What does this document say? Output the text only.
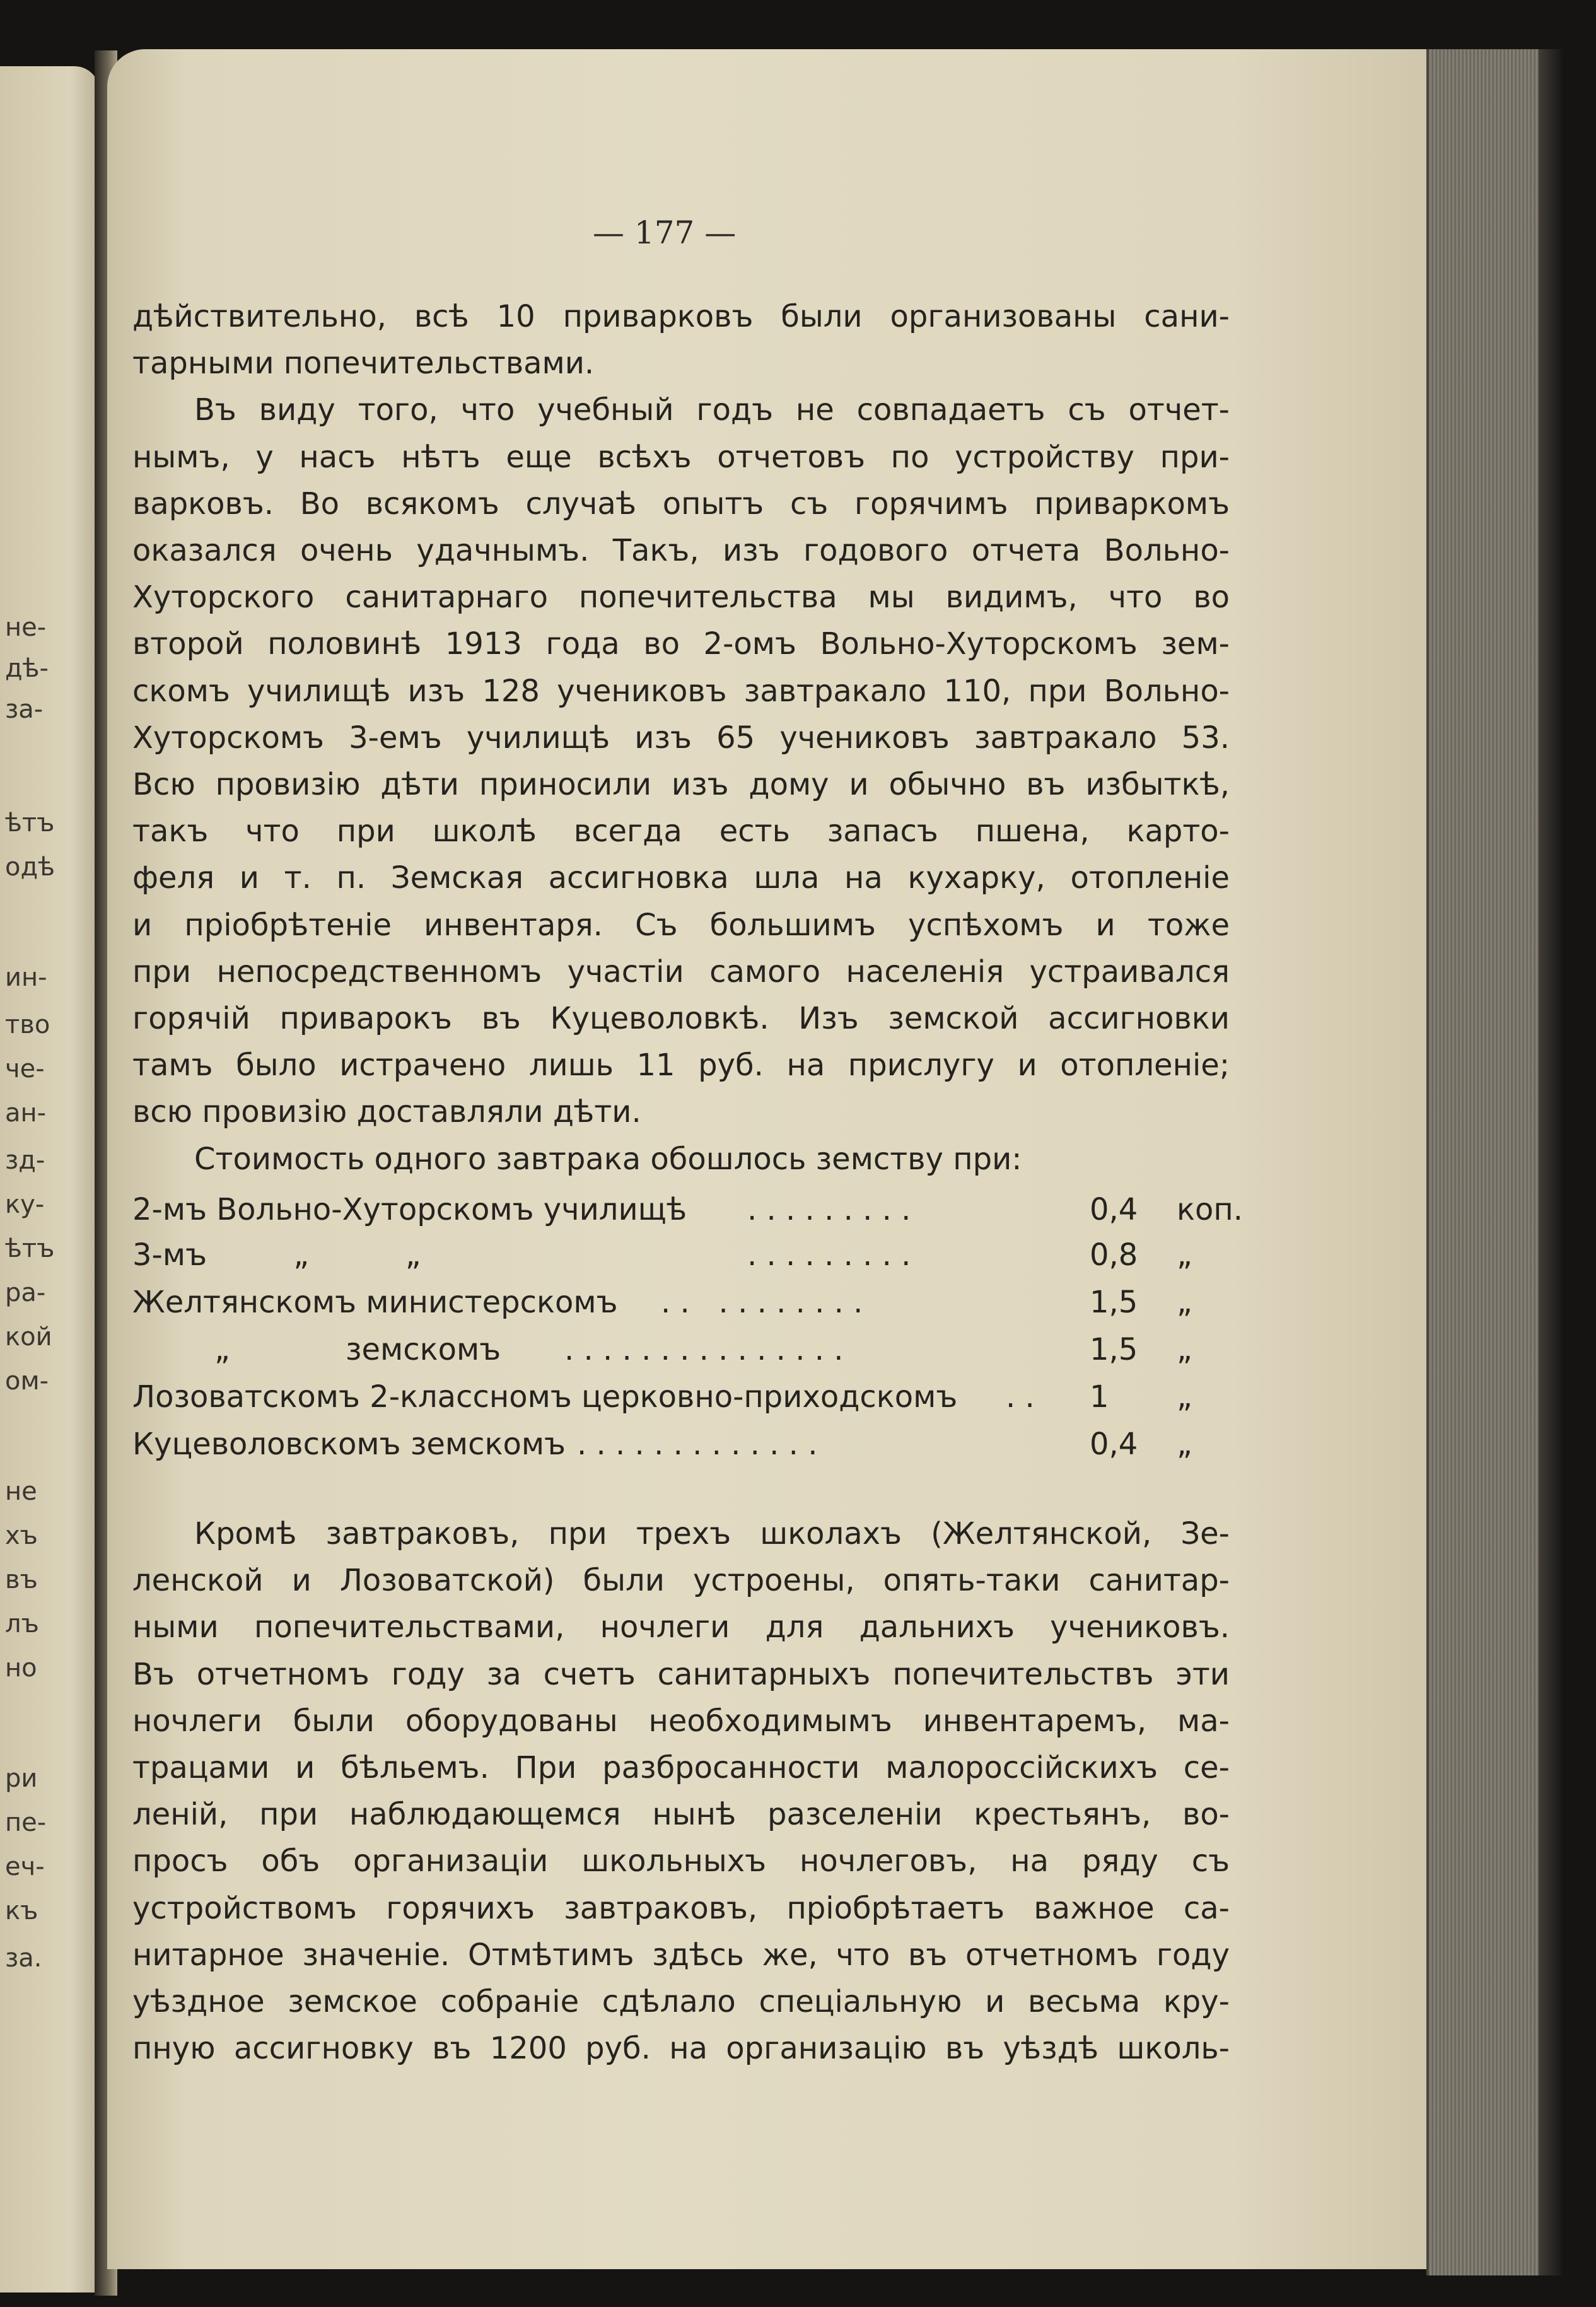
не-
дѣ-
за-
ѣтъ
одѣ
ин-
тво
че-
ан-
зд-
ку-
ѣтъ
ра-
кой
ом-
не
хъ
въ
лъ
но
ри
пе-
еч-
къ
за.
— 177 —
дѣйствительно, всѣ 10 приварковъ были организованы сани-
тарными попечительствами.
Въ виду того, что учебный годъ не совпадаетъ съ отчет-
нымъ, у насъ нѣтъ еще всѣхъ отчетовъ по устройству при-
варковъ. Во всякомъ случаѣ опытъ съ горячимъ приваркомъ
оказался очень удачнымъ. Такъ, изъ годового отчета Вольно-
Хуторского санитарнаго попечительства мы видимъ, что во
второй половинѣ 1913 года во 2-омъ Вольно-Хуторскомъ зем-
скомъ училищѣ изъ 128 учениковъ завтракало 110, при Вольно-
Хуторскомъ 3-емъ училищѣ изъ 65 учениковъ завтракало 53.
Всю провизію дѣти приносили изъ дому и обычно въ избыткѣ,
такъ что при школѣ всегда есть запасъ пшена, карто-
феля и т. п. Земская ассигновка шла на кухарку, отопленіе
и пріобрѣтеніе инвентаря. Съ большимъ успѣхомъ и тоже
при непосредственномъ участіи самого населенія устраивался
горячій приварокъ въ Куцеволовкѣ. Изъ земской ассигновки
тамъ было истрачено лишь 11 руб. на прислугу и отопленіе;
всю провизію доставляли дѣти.
Стоимость одного завтрака обошлось земству при:
2-мъ Вольно-Хуторскомъ училищѣ . . . . . . . . .	0,4	коп.
3-мъ         „          „	. . . . . . . . .	0,8	„
Желтянскомъ министерскомъ . .   . . . . . . . .	1,5	„
„            земскомъ . . . . . . . . . . . . . . .	1,5	„
Лозоватскомъ 2-классномъ церковно-приходскомъ . . 1	„
Куцеволовскомъ земскомъ . . . . . . . . . . . . .	0,4	„
Кромѣ завтраковъ, при трехъ школахъ (Желтянской, Зе-
ленской и Лозоватской) были устроены, опять-таки санитар-
ными попечительствами, ночлеги для дальнихъ учениковъ.
Въ отчетномъ году за счетъ санитарныхъ попечительствъ эти
ночлеги были оборудованы необходимымъ инвентаремъ, ма-
трацами и бѣльемъ. При разбросанности малороссійскихъ се-
леній, при наблюдающемся нынѣ разселеніи крестьянъ, во-
просъ объ организаціи школьныхъ ночлеговъ, на ряду съ
устройствомъ горячихъ завтраковъ, пріобрѣтаетъ важное са-
нитарное значеніе. Отмѣтимъ здѣсь же, что въ отчетномъ году
уѣздное земское собраніе сдѣлало спеціальную и весьма кру-
пную ассигновку въ 1200 руб. на организацію въ уѣздѣ школь-
